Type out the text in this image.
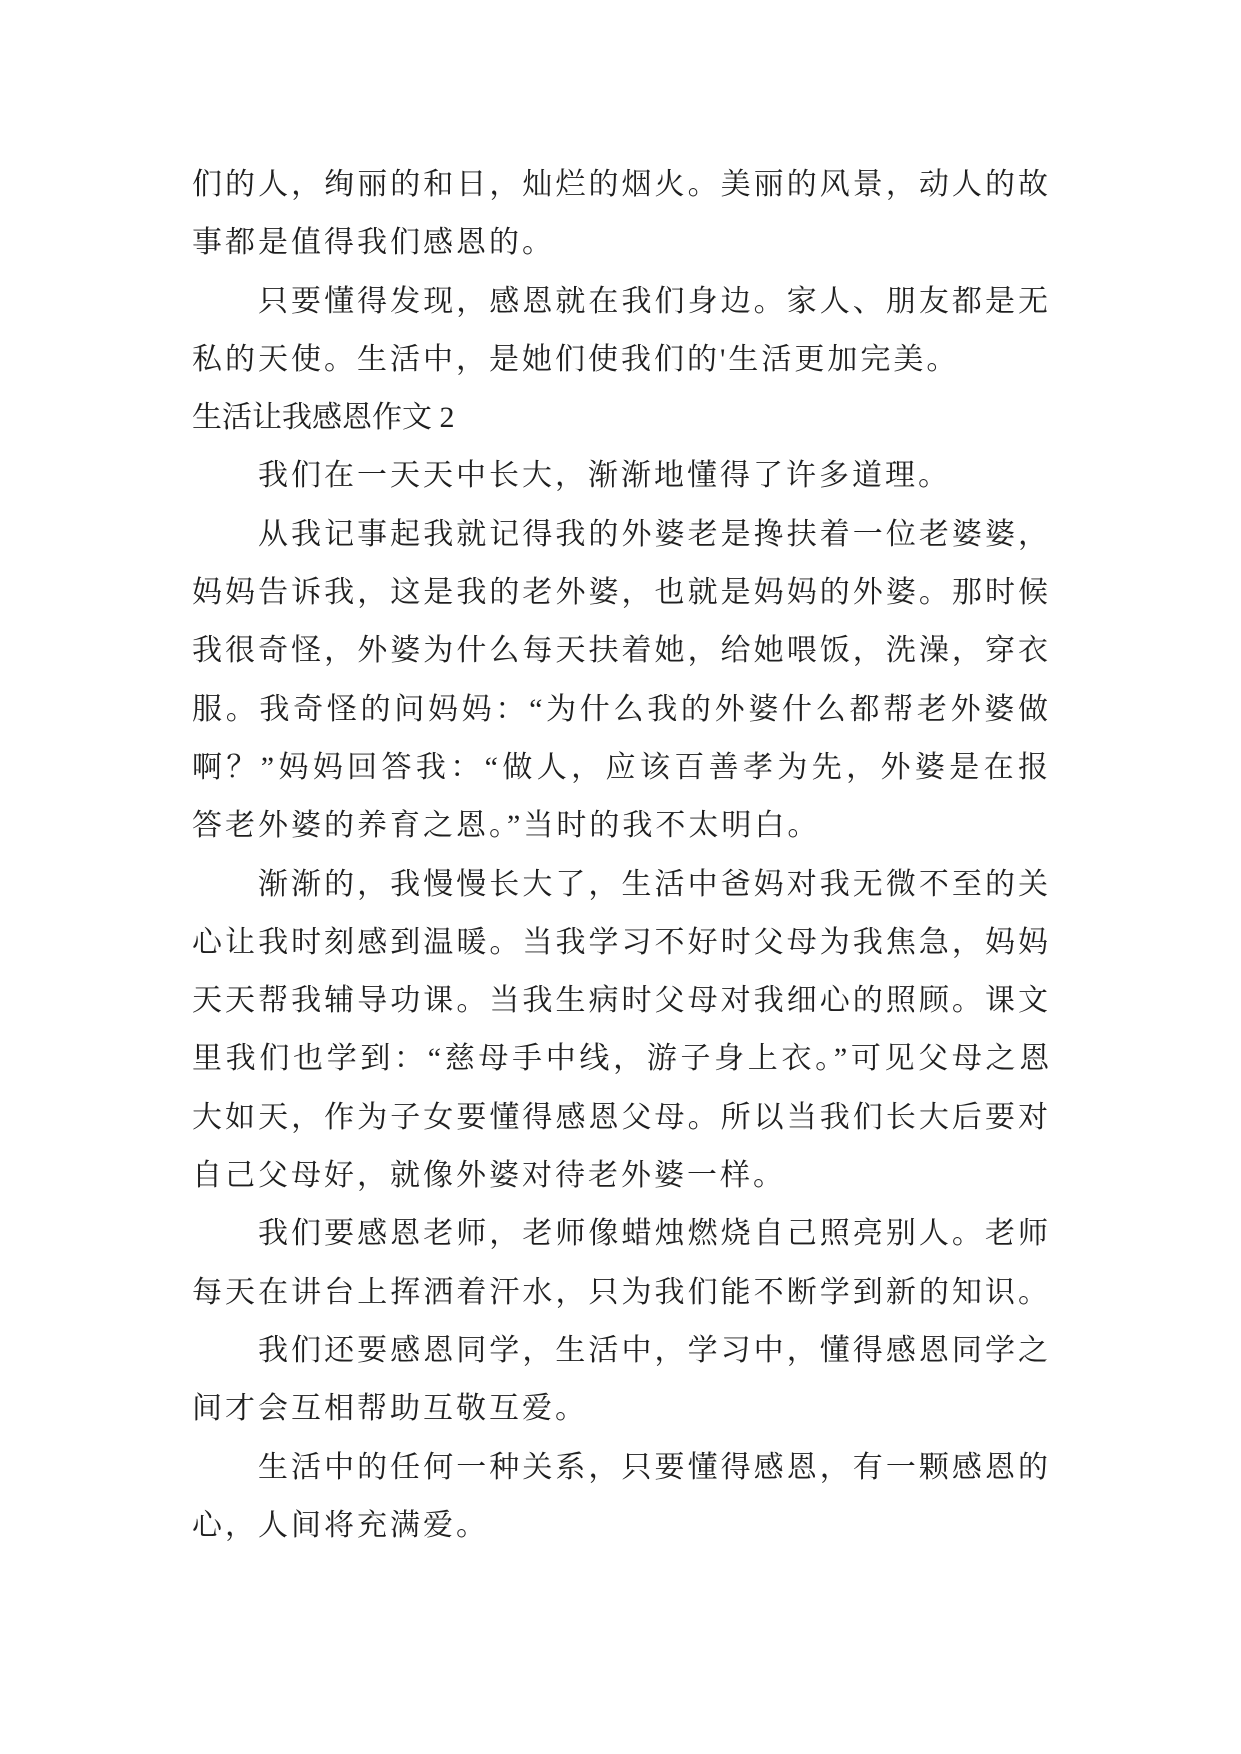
们的人，绚丽的和日，灿烂的烟火。美丽的风景，动人的故
事都是值得我们感恩的。
只要懂得发现，感恩就在我们身边。家人、朋友都是无
私的天使。生活中，是她们使我们的'生活更加完美。
生活让我感恩作文 2
我们在一天天中长大，渐渐地懂得了许多道理。
从我记事起我就记得我的外婆老是搀扶着一位老婆婆，
妈妈告诉我，这是我的老外婆，也就是妈妈的外婆。那时候
我很奇怪，外婆为什么每天扶着她，给她喂饭，洗澡，穿衣
服。我奇怪的问妈妈：“为什么我的外婆什么都帮老外婆做
啊？”妈妈回答我：“做人，应该百善孝为先，外婆是在报
答老外婆的养育之恩。”当时的我不太明白。
渐渐的，我慢慢长大了，生活中爸妈对我无微不至的关
心让我时刻感到温暖。当我学习不好时父母为我焦急，妈妈
天天帮我辅导功课。当我生病时父母对我细心的照顾。课文
里我们也学到：“慈母手中线，游子身上衣。”可见父母之恩
大如天，作为子女要懂得感恩父母。所以当我们长大后要对
自己父母好，就像外婆对待老外婆一样。
我们要感恩老师，老师像蜡烛燃烧自己照亮别人。老师
每天在讲台上挥洒着汗水，只为我们能不断学到新的知识。
我们还要感恩同学，生活中，学习中，懂得感恩同学之
间才会互相帮助互敬互爱。
生活中的任何一种关系，只要懂得感恩，有一颗感恩的
心，人间将充满爱。
